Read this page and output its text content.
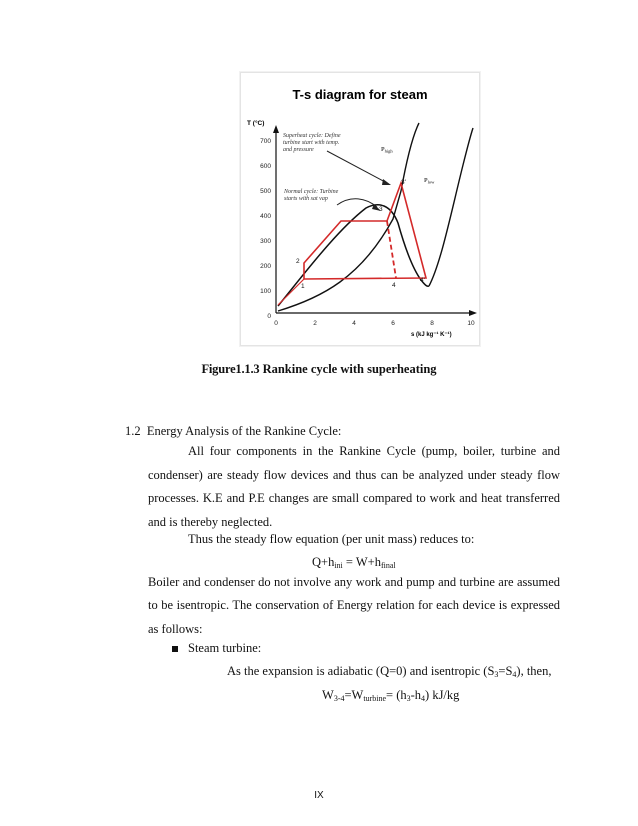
T-s diagram for steam
T (°C)
700
600
500
400
300
200
100
0
0	2	4	6	8	10
s (kJ kg⁻¹ K⁻¹)
Superheat cycle: Define
turbine start with temp.
and pressure
Normal cycle: Turbine
starts with sat vap
$P_{high}$
$P_{low}$
1
2
3
3'
4
4'
Figure1.1.3 Rankine cycle with superheating
1.2 Energy Analysis of the Rankine Cycle:
All four components in the Rankine Cycle (pump, boiler, turbine and condenser) are steady flow devices and thus can be analyzed under steady flow processes. K.E and P.E changes are small compared to work and heat transferred and is thereby neglected.
Thus the steady flow equation (per unit mass) reduces to:
$Q+h_{ini} = W+h_{final}$
Boiler and condenser do not involve any work and pump and turbine are assumed
to be isentropic. The conservation of Energy relation for each device is expressed
as follows:
Steam turbine:
As the expansion is adiabatic (Q=0) and isentropic $(S_3=S_4)$, then,
$W_{3-4}=W_{turbine}= (h_3-h_4)$ kJ/kg
IX
